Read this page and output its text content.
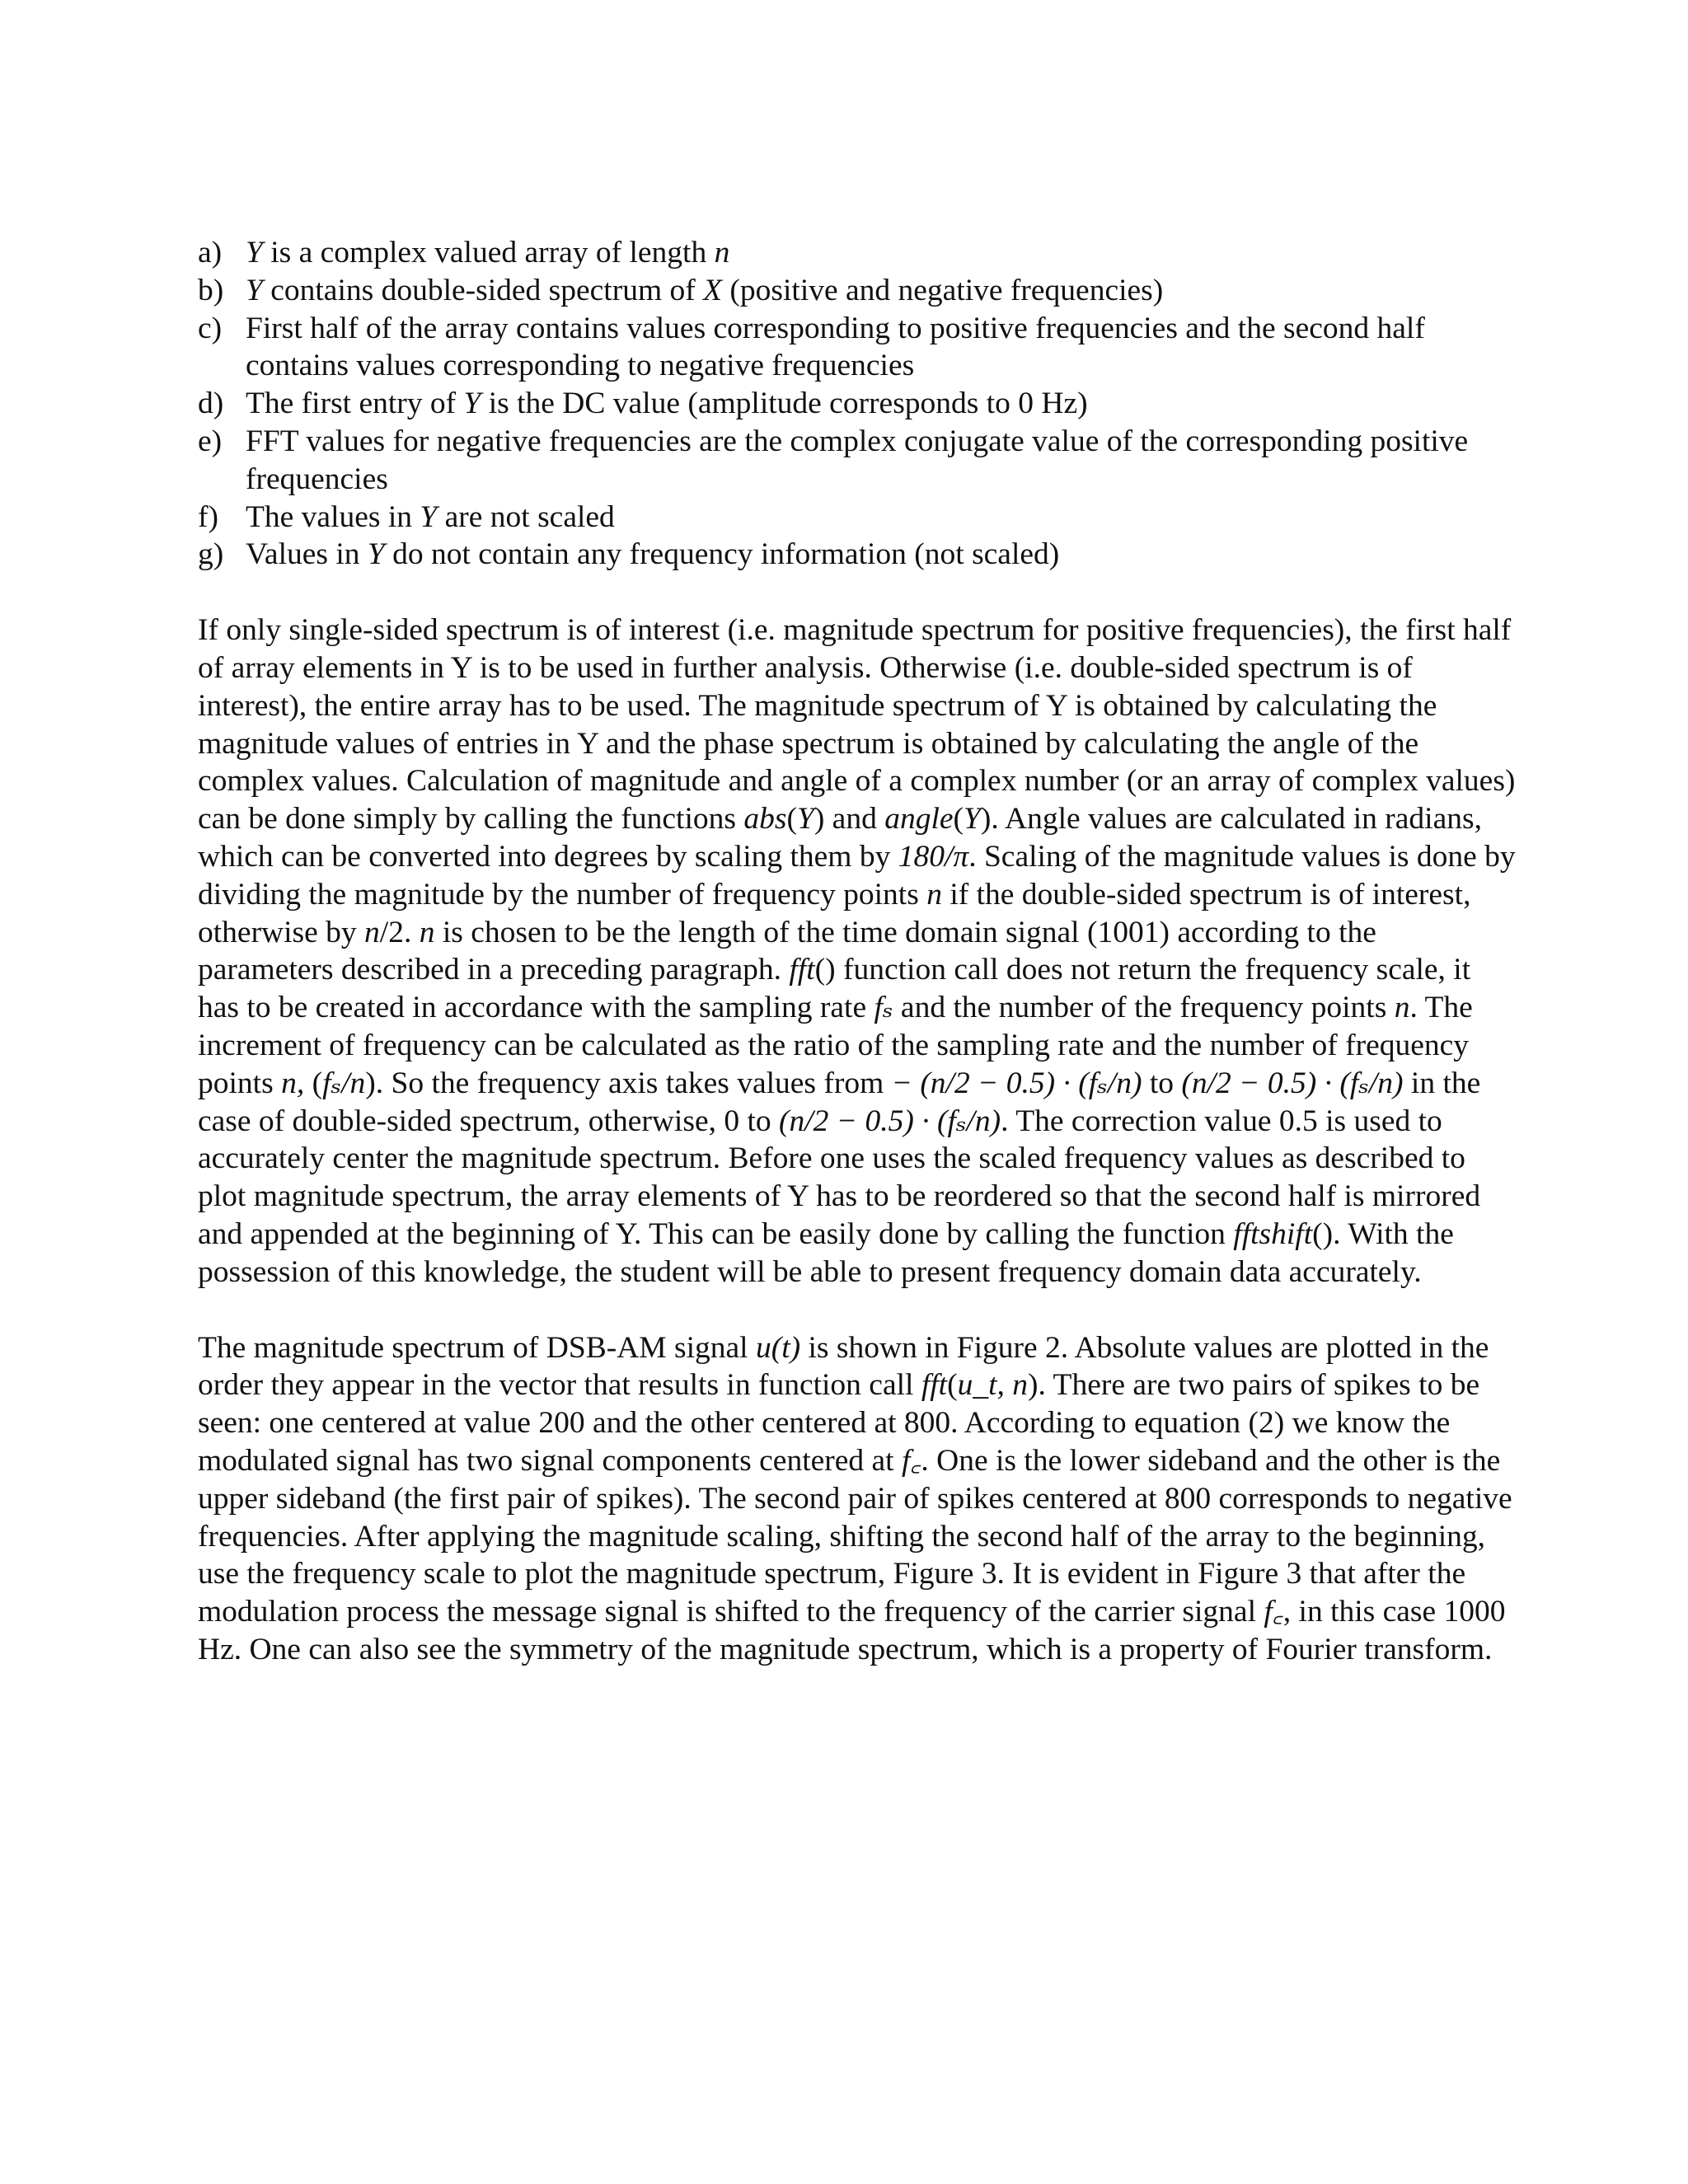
a) Y is a complex valued array of length n
b) Y contains double-sided spectrum of X (positive and negative frequencies)
c) First half of the array contains values corresponding to positive frequencies and the second half contains values corresponding to negative frequencies
d) The first entry of Y is the DC value (amplitude corresponds to 0 Hz)
e) FFT values for negative frequencies are the complex conjugate value of the corresponding positive frequencies
f) The values in Y are not scaled
g) Values in Y do not contain any frequency information (not scaled)

If only single-sided spectrum is of interest (i.e. magnitude spectrum for positive frequencies), the first half of array elements in Y is to be used in further analysis. Otherwise (i.e. double-sided spectrum is of interest), the entire array has to be used. The magnitude spectrum of Y is obtained by calculating the magnitude values of entries in Y and the phase spectrum is obtained by calculating the angle of the complex values. Calculation of magnitude and angle of a complex number (or an array of complex values) can be done simply by calling the functions abs(Y) and angle(Y). Angle values are calculated in radians, which can be converted into degrees by scaling them by 180/π. Scaling of the magnitude values is done by dividing the magnitude by the number of frequency points n if the double-sided spectrum is of interest, otherwise by n/2. n is chosen to be the length of the time domain signal (1001) according to the parameters described in a preceding paragraph. fft() function call does not return the frequency scale, it has to be created in accordance with the sampling rate fₛ and the number of the frequency points n. The increment of frequency can be calculated as the ratio of the sampling rate and the number of frequency points n, (fₛ/n). So the frequency axis takes values from − (n/2 − 0.5) · (fₛ/n) to (n/2 − 0.5) · (fₛ/n) in the case of double-sided spectrum, otherwise, 0 to (n/2 − 0.5) · (fₛ/n). The correction value 0.5 is used to accurately center the magnitude spectrum. Before one uses the scaled frequency values as described to plot magnitude spectrum, the array elements of Y has to be reordered so that the second half is mirrored and appended at the beginning of Y. This can be easily done by calling the function fftshift(). With the possession of this knowledge, the student will be able to present frequency domain data accurately.

The magnitude spectrum of DSB-AM signal u(t) is shown in Figure 2. Absolute values are plotted in the order they appear in the vector that results in function call fft(u_t, n). There are two pairs of spikes to be seen: one centered at value 200 and the other centered at 800. According to equation (2) we know the modulated signal has two signal components centered at f꜀. One is the lower sideband and the other is the upper sideband (the first pair of spikes). The second pair of spikes centered at 800 corresponds to negative frequencies. After applying the magnitude scaling, shifting the second half of the array to the beginning, use the frequency scale to plot the magnitude spectrum, Figure 3. It is evident in Figure 3 that after the modulation process the message signal is shifted to the frequency of the carrier signal f꜀, in this case 1000 Hz. One can also see the symmetry of the magnitude spectrum, which is a property of Fourier transform.
